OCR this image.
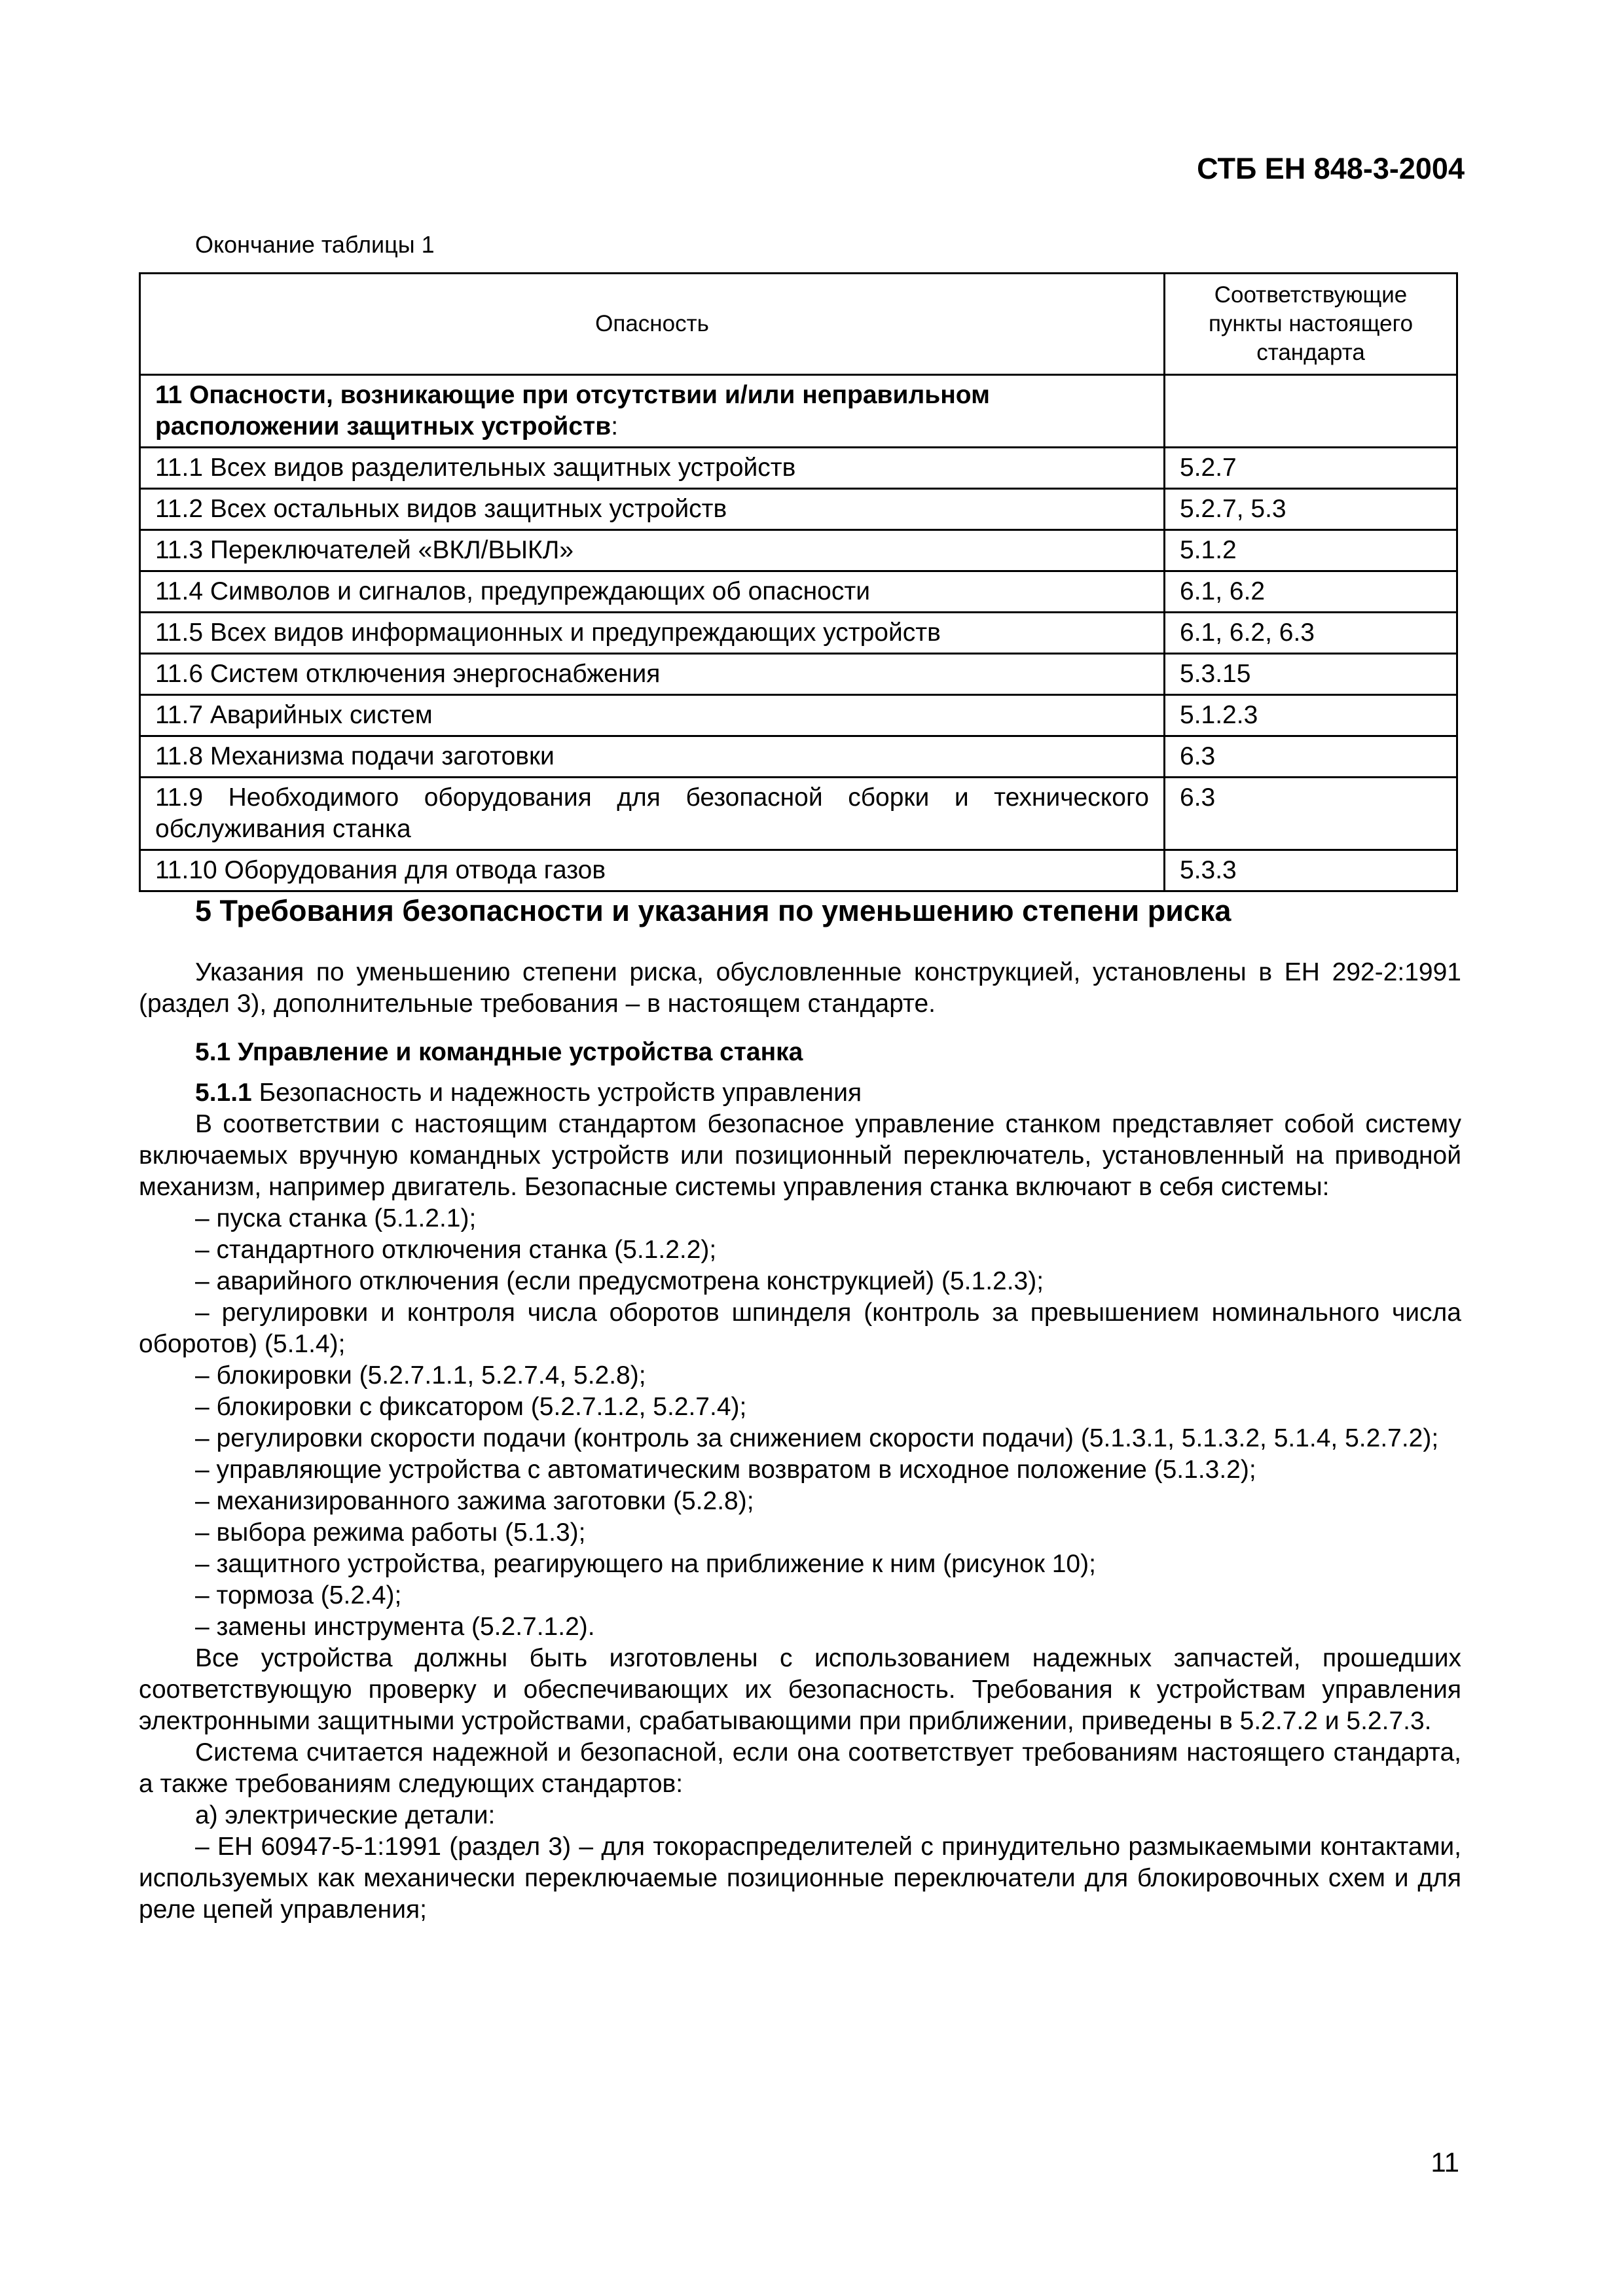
СТБ ЕН 848-3-2004
Окончание таблицы 1
Опасность	Соответствующие пункты настоящего стандарта
11 Опасности, возникающие при отсутствии и/или неправильном расположении защитных устройств:	
11.1 Всех видов разделительных защитных устройств	5.2.7
11.2 Всех остальных видов защитных устройств	5.2.7, 5.3
11.3 Переключателей «ВКЛ/ВЫКЛ»	5.1.2
11.4 Символов и сигналов, предупреждающих об опасности	6.1, 6.2
11.5 Всех видов информационных и предупреждающих устройств	6.1, 6.2, 6.3
11.6 Систем отключения энергоснабжения	5.3.15
11.7 Аварийных систем	5.1.2.3
11.8 Механизма подачи заготовки	6.3
11.9 Необходимого оборудования для безопасной сборки и технического обслуживания станка	6.3
11.10 Оборудования для отвода газов	5.3.3
5 Требования безопасности и указания по уменьшению степени риска

Указания по уменьшению степени риска, обусловленные конструкцией, установлены в ЕН 292-2:1991 (раздел 3), дополнительные требования – в настоящем стандарте.

5.1 Управление и командные устройства станка

5.1.1 Безопасность и надежность устройств управления

В соответствии с настоящим стандартом безопасное управление станком представляет собой систему включаемых вручную командных устройств или позиционный переключатель, установленный на приводной механизм, например двигатель. Безопасные системы управления станка включают в себя системы:

– пуска станка (5.1.2.1);

– стандартного отключения станка (5.1.2.2);

– аварийного отключения (если предусмотрена конструкцией) (5.1.2.3);

– регулировки и контроля числа оборотов шпинделя (контроль за превышением номинального числа оборотов) (5.1.4);

– блокировки (5.2.7.1.1, 5.2.7.4, 5.2.8);

– блокировки с фиксатором (5.2.7.1.2, 5.2.7.4);

– регулировки скорости подачи (контроль за снижением скорости подачи) (5.1.3.1, 5.1.3.2, 5.1.4, 5.2.7.2);

– управляющие устройства с автоматическим возвратом в исходное положение (5.1.3.2);

– механизированного зажима заготовки (5.2.8);

– выбора режима работы (5.1.3);

– защитного устройства, реагирующего на приближение к ним (рисунок 10);

– тормоза (5.2.4);

– замены инструмента (5.2.7.1.2).

Все устройства должны быть изготовлены с использованием надежных запчастей, прошедших соответствующую проверку и обеспечивающих их безопасность. Требования к устройствам управления электронными защитными устройствами, срабатывающими при приближении, приведены в 5.2.7.2 и 5.2.7.3.

Система считается надежной и безопасной, если она соответствует требованиям настоящего стандарта, а также требованиям следующих стандартов:

а) электрические детали:

– ЕН 60947-5-1:1991 (раздел 3) – для токораспределителей с принудительно размыкаемыми контактами, используемых как механически переключаемые позиционные переключатели для блокировочных схем и для реле цепей управления;

11
